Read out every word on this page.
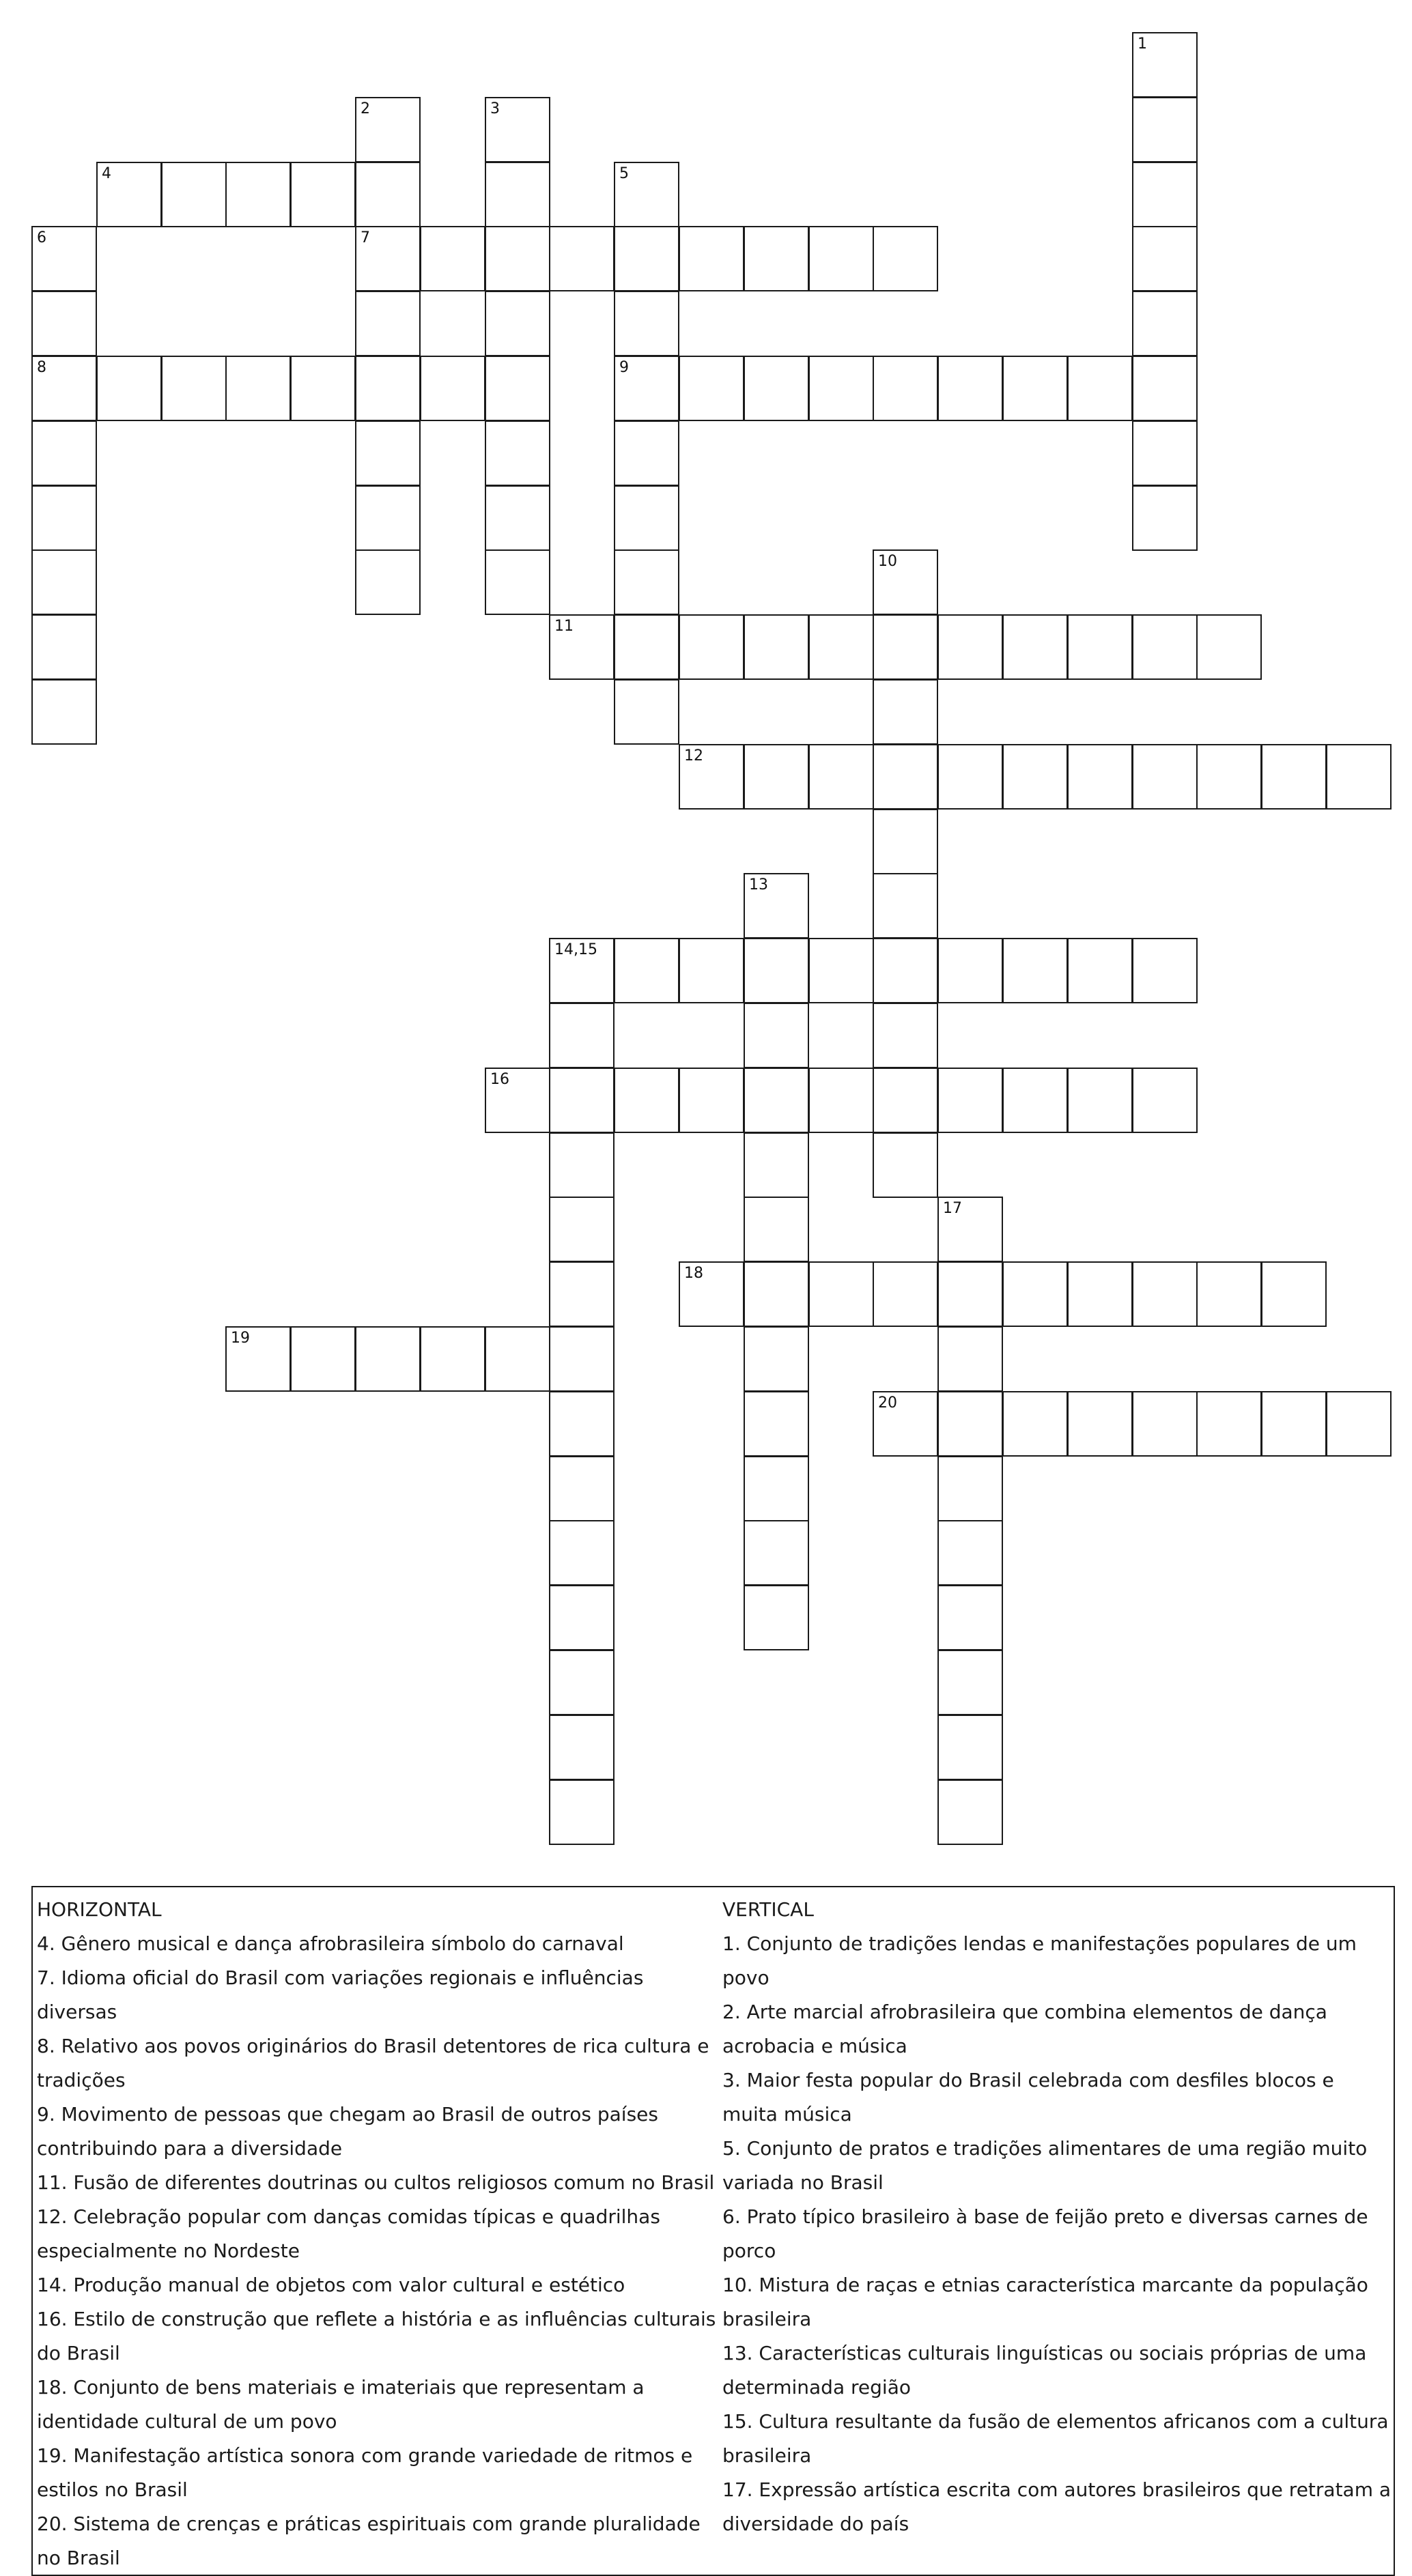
4
7
8	9
11
12
14,15
16
18
19
20
1
2	3
5
6
10
13
17
HORIZONTAL

4. Gênero musical e dança afrobrasileira símbolo do carnaval

7. Idioma oficial do Brasil com variações regionais e influências diversas

8. Relativo aos povos originários do Brasil detentores de rica cultura e tradições

9. Movimento de pessoas que chegam ao Brasil de outros países contribuindo para a diversidade

11. Fusão de diferentes doutrinas ou cultos religiosos comum no Brasil

12. Celebração popular com danças comidas típicas e quadrilhas especialmente no Nordeste

14. Produção manual de objetos com valor cultural e estético

16. Estilo de construção que reflete a história e as influências culturais do Brasil

18. Conjunto de bens materiais e imateriais que representam a identidade cultural de um povo

19. Manifestação artística sonora com grande variedade de ritmos e estilos no Brasil

20. Sistema de crenças e práticas espirituais com grande pluralidade no Brasil

VERTICAL

1. Conjunto de tradições lendas e manifestações populares de um povo

2. Arte marcial afrobrasileira que combina elementos de dança acrobacia e música

3. Maior festa popular do Brasil celebrada com desfiles blocos e muita música

5. Conjunto de pratos e tradições alimentares de uma região muito variada no Brasil

6. Prato típico brasileiro à base de feijão preto e diversas carnes de porco

10. Mistura de raças e etnias característica marcante da população brasileira

13. Características culturais linguísticas ou sociais próprias de uma determinada região

15. Cultura resultante da fusão de elementos africanos com a cultura brasileira

17. Expressão artística escrita com autores brasileiros que retratam a diversidade do país
